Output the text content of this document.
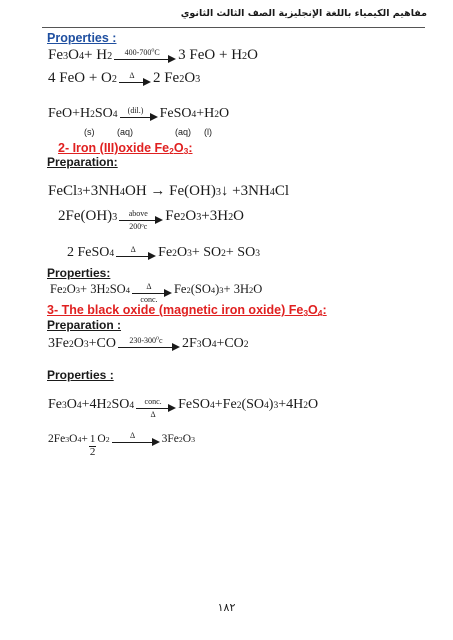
مفاهيم الكيمياء باللغة الإنجليزية الصف الثالث الثانوي
Properties :
Fe 3 O 4 + H 2	400-700$^o$C	3 FeO + H 2 O
4 FeO + O 2	Δ	2 Fe 2 O 3
FeO+H 2 SO 4	(dil.)	FeSO 4 +H 2 O
(s)	(aq)	(aq) (l)
2- Iron (III)oxide $Fe_2O_3$:
Preparation:
FeCl 3 +3NH 4 OH → Fe(OH) 3 ↓ +3NH 4 Cl
2Fe(OH) 3	above
200$^o$c
Fe 2 O 3 +3H 2 O
2 FeSO 4	Δ	Fe 2 O 3 + SO 2 + SO 3
Properties:
Fe 2 O 3 + 3H 2 SO 4	Δ
conc.
Fe 2 (SO 4 ) 3 + 3H 2 O
3- The black oxide (magnetic iron oxide) $Fe_3O_4$:
Preparation :
3Fe 2 O 3 +CO	230-300$^o$c	2F 3 O 4 +CO 2
Properties :
Fe 3 O 4 +4H 2 SO 4	conc.
Δ
FeSO 4 +Fe 2 (SO 4 ) 3 +4H 2 O
2Fe 3 O $4 + \frac{1}{2}$ O 2	Δ	3Fe 2 O 3
١٨٢
